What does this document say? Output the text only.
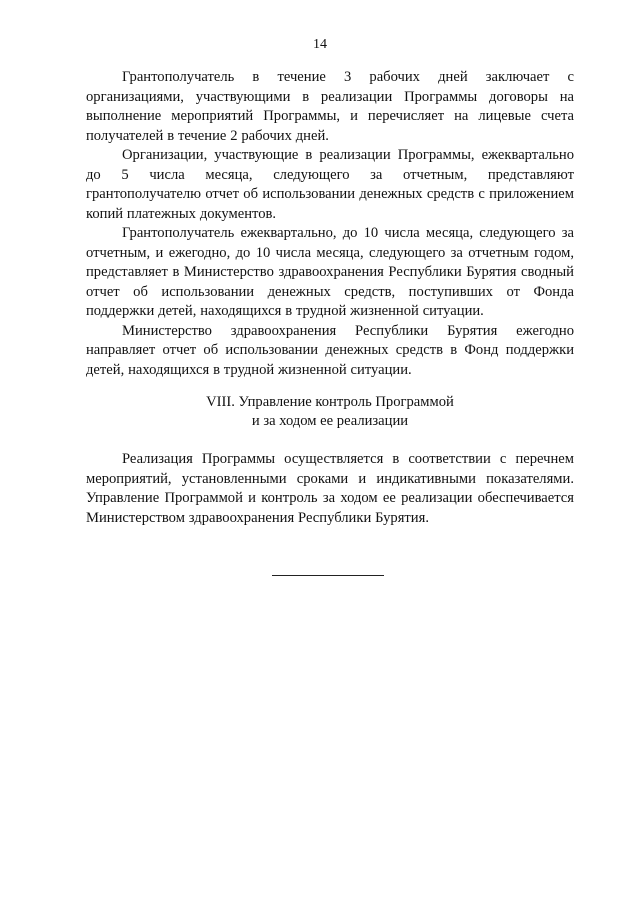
14

Грантополучатель в течение 3 рабочих дней заключает с организациями, участвующими в реализации Программы договоры на выполнение мероприятий Программы, и перечисляет на лицевые счета получателей в течение 2 рабочих дней.

Организации, участвующие в реализации Программы, ежеквартально до 5 числа месяца, следующего за отчетным, представляют грантополучателю отчет об использовании денежных средств с приложением копий платежных документов.

Грантополучатель ежеквартально, до 10 числа месяца, следующего за отчетным, и ежегодно, до 10 числа месяца, следующего за отчетным годом, представляет в Министерство здравоохранения Республики Бурятия сводный отчет об использовании денежных средств, поступивших от Фонда поддержки детей, находящихся в трудной жизненной ситуации.

Министерство здравоохранения Республики Бурятия ежегодно направляет отчет об использовании денежных средств в Фонд поддержки детей, находящихся в трудной жизненной ситуации.

VIII. Управление контроль Программой
и за ходом ее реализации

Реализация Программы осуществляется в соответствии с перечнем мероприятий, установленными сроками и индикативными показателями. Управление Программой и контроль за ходом ее реализации обеспечивается Министерством здравоохранения Республики Бурятия.
